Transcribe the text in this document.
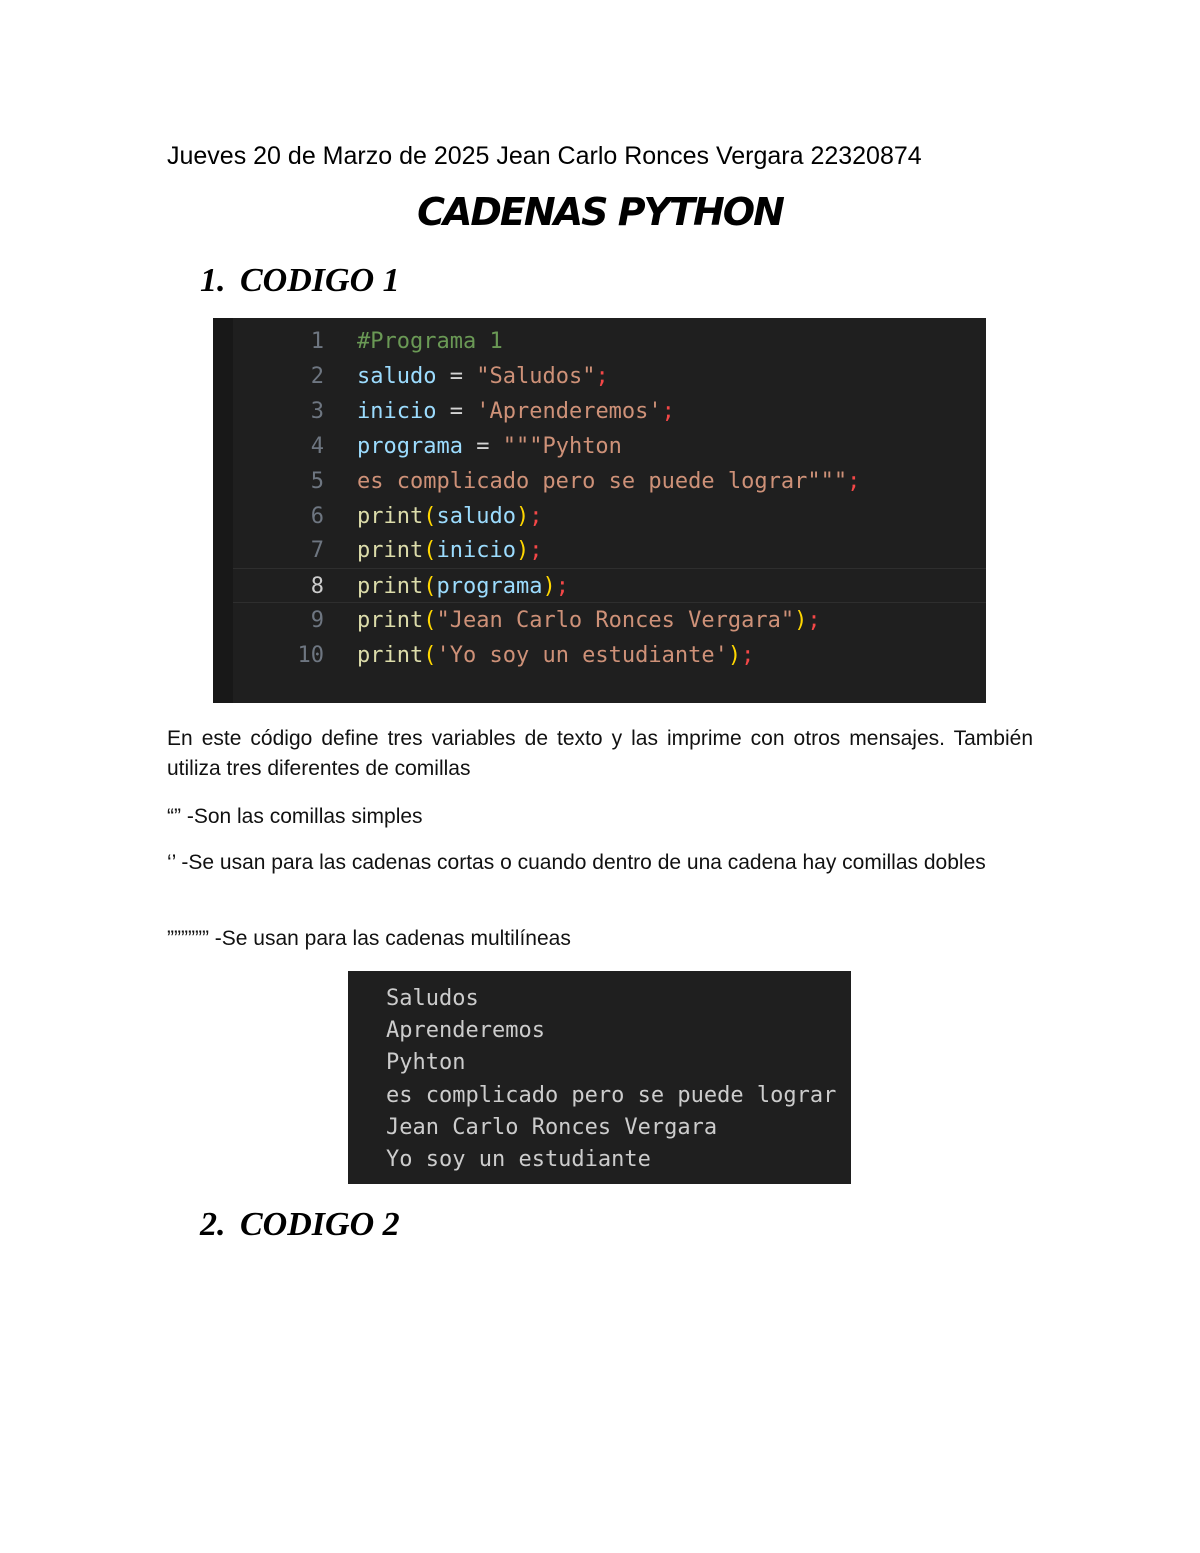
Jueves 20 de Marzo de 2025 Jean Carlo Ronces Vergara 22320874
CADENAS PYTHON
1. CODIGO 1
1 #Programa 1
2 saludo = "Saludos";
3 inicio = 'Aprenderemos';
4 programa = """Pyhton
5 es complicado pero se puede lograr""";
6 print(saludo);
7 print(inicio);
8 print(programa);
9 print("Jean Carlo Ronces Vergara");
10 print('Yo soy un estudiante');
En este código define tres variables de texto y las imprime con otros mensajes. También utiliza tres diferentes de comillas
“” -Son las comillas simples
‘’ -Se usan para las cadenas cortas o cuando dentro de una cadena hay comillas dobles
”””””” -Se usan para las cadenas multilíneas
Saludos
Aprenderemos
Pyhton
es complicado pero se puede lograr
Jean Carlo Ronces Vergara
Yo soy un estudiante
2. CODIGO 2
